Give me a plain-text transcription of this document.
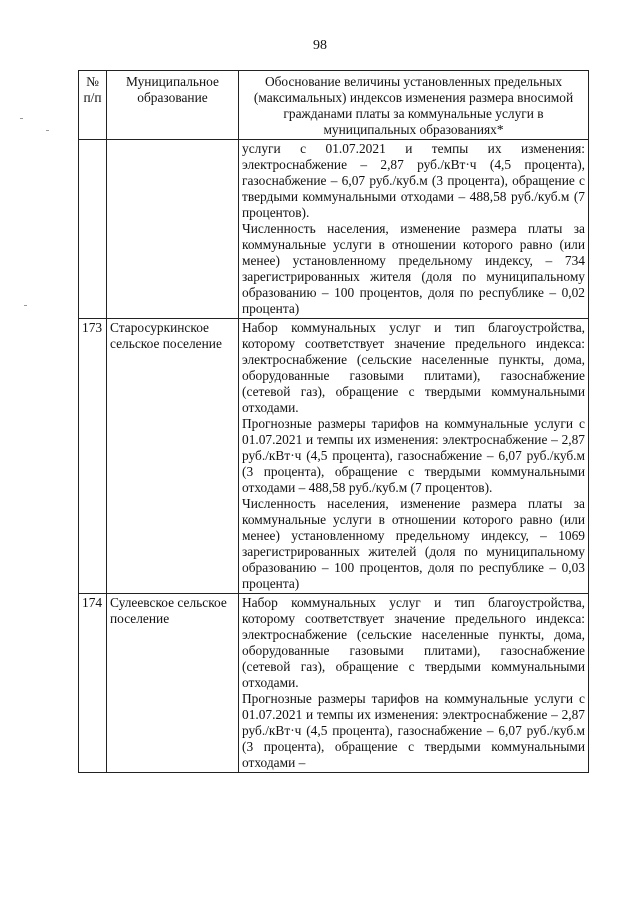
98
№ п/п	Муниципальное образование	Обоснование величины установленных предельных (максимальных) индексов изменения размера вносимой гражданами платы за коммунальные услуги в муниципальных образованиях*

		услуги с 01.07.2021 и темпы их изменения: электроснабжение – 2,87 руб./кВт·ч (4,5 процента), газоснабжение – 6,07 руб./куб.м (3 процента), обращение с твердыми коммунальными отходами – 488,58 руб./куб.м (7 процентов).

Численность населения, изменение размера платы за коммунальные услуги в отношении которого равно (или менее) установленному предельному индексу, – 734 зарегистрированных жителя (доля по муниципальному образованию – 100 процентов, доля по республике – 0,02 процента)

173	Старосуркинское сельское поселение	Набор коммунальных услуг и тип благоустройства, которому соответствует значение предельного индекса: электроснабжение (сельские населенные пункты, дома, оборудованные газовыми плитами), газоснабжение (сетевой газ), обращение с твердыми коммунальными отходами.

Прогнозные размеры тарифов на коммунальные услуги с 01.07.2021 и темпы их изменения: электроснабжение – 2,87 руб./кВт·ч (4,5 процента), газоснабжение – 6,07 руб./куб.м (3 процента), обращение с твердыми коммунальными отходами – 488,58 руб./куб.м (7 процентов).

Численность населения, изменение размера платы за коммунальные услуги в отношении которого равно (или менее) установленному предельному индексу, – 1069 зарегистрированных жителей (доля по муниципальному образованию – 100 процентов, доля по республике – 0,03 процента)

174	Сулеевское сельское поселение	Набор коммунальных услуг и тип благоустройства, которому соответствует значение предельного индекса: электроснабжение (сельские населенные пункты, дома, оборудованные газовыми плитами), газоснабжение (сетевой газ), обращение с твердыми коммунальными отходами.

Прогнозные размеры тарифов на коммунальные услуги с 01.07.2021 и темпы их изменения: электроснабжение – 2,87 руб./кВт·ч (4,5 процента), газоснабжение – 6,07 руб./куб.м (3 процента), обращение с твердыми коммунальными отходами –
